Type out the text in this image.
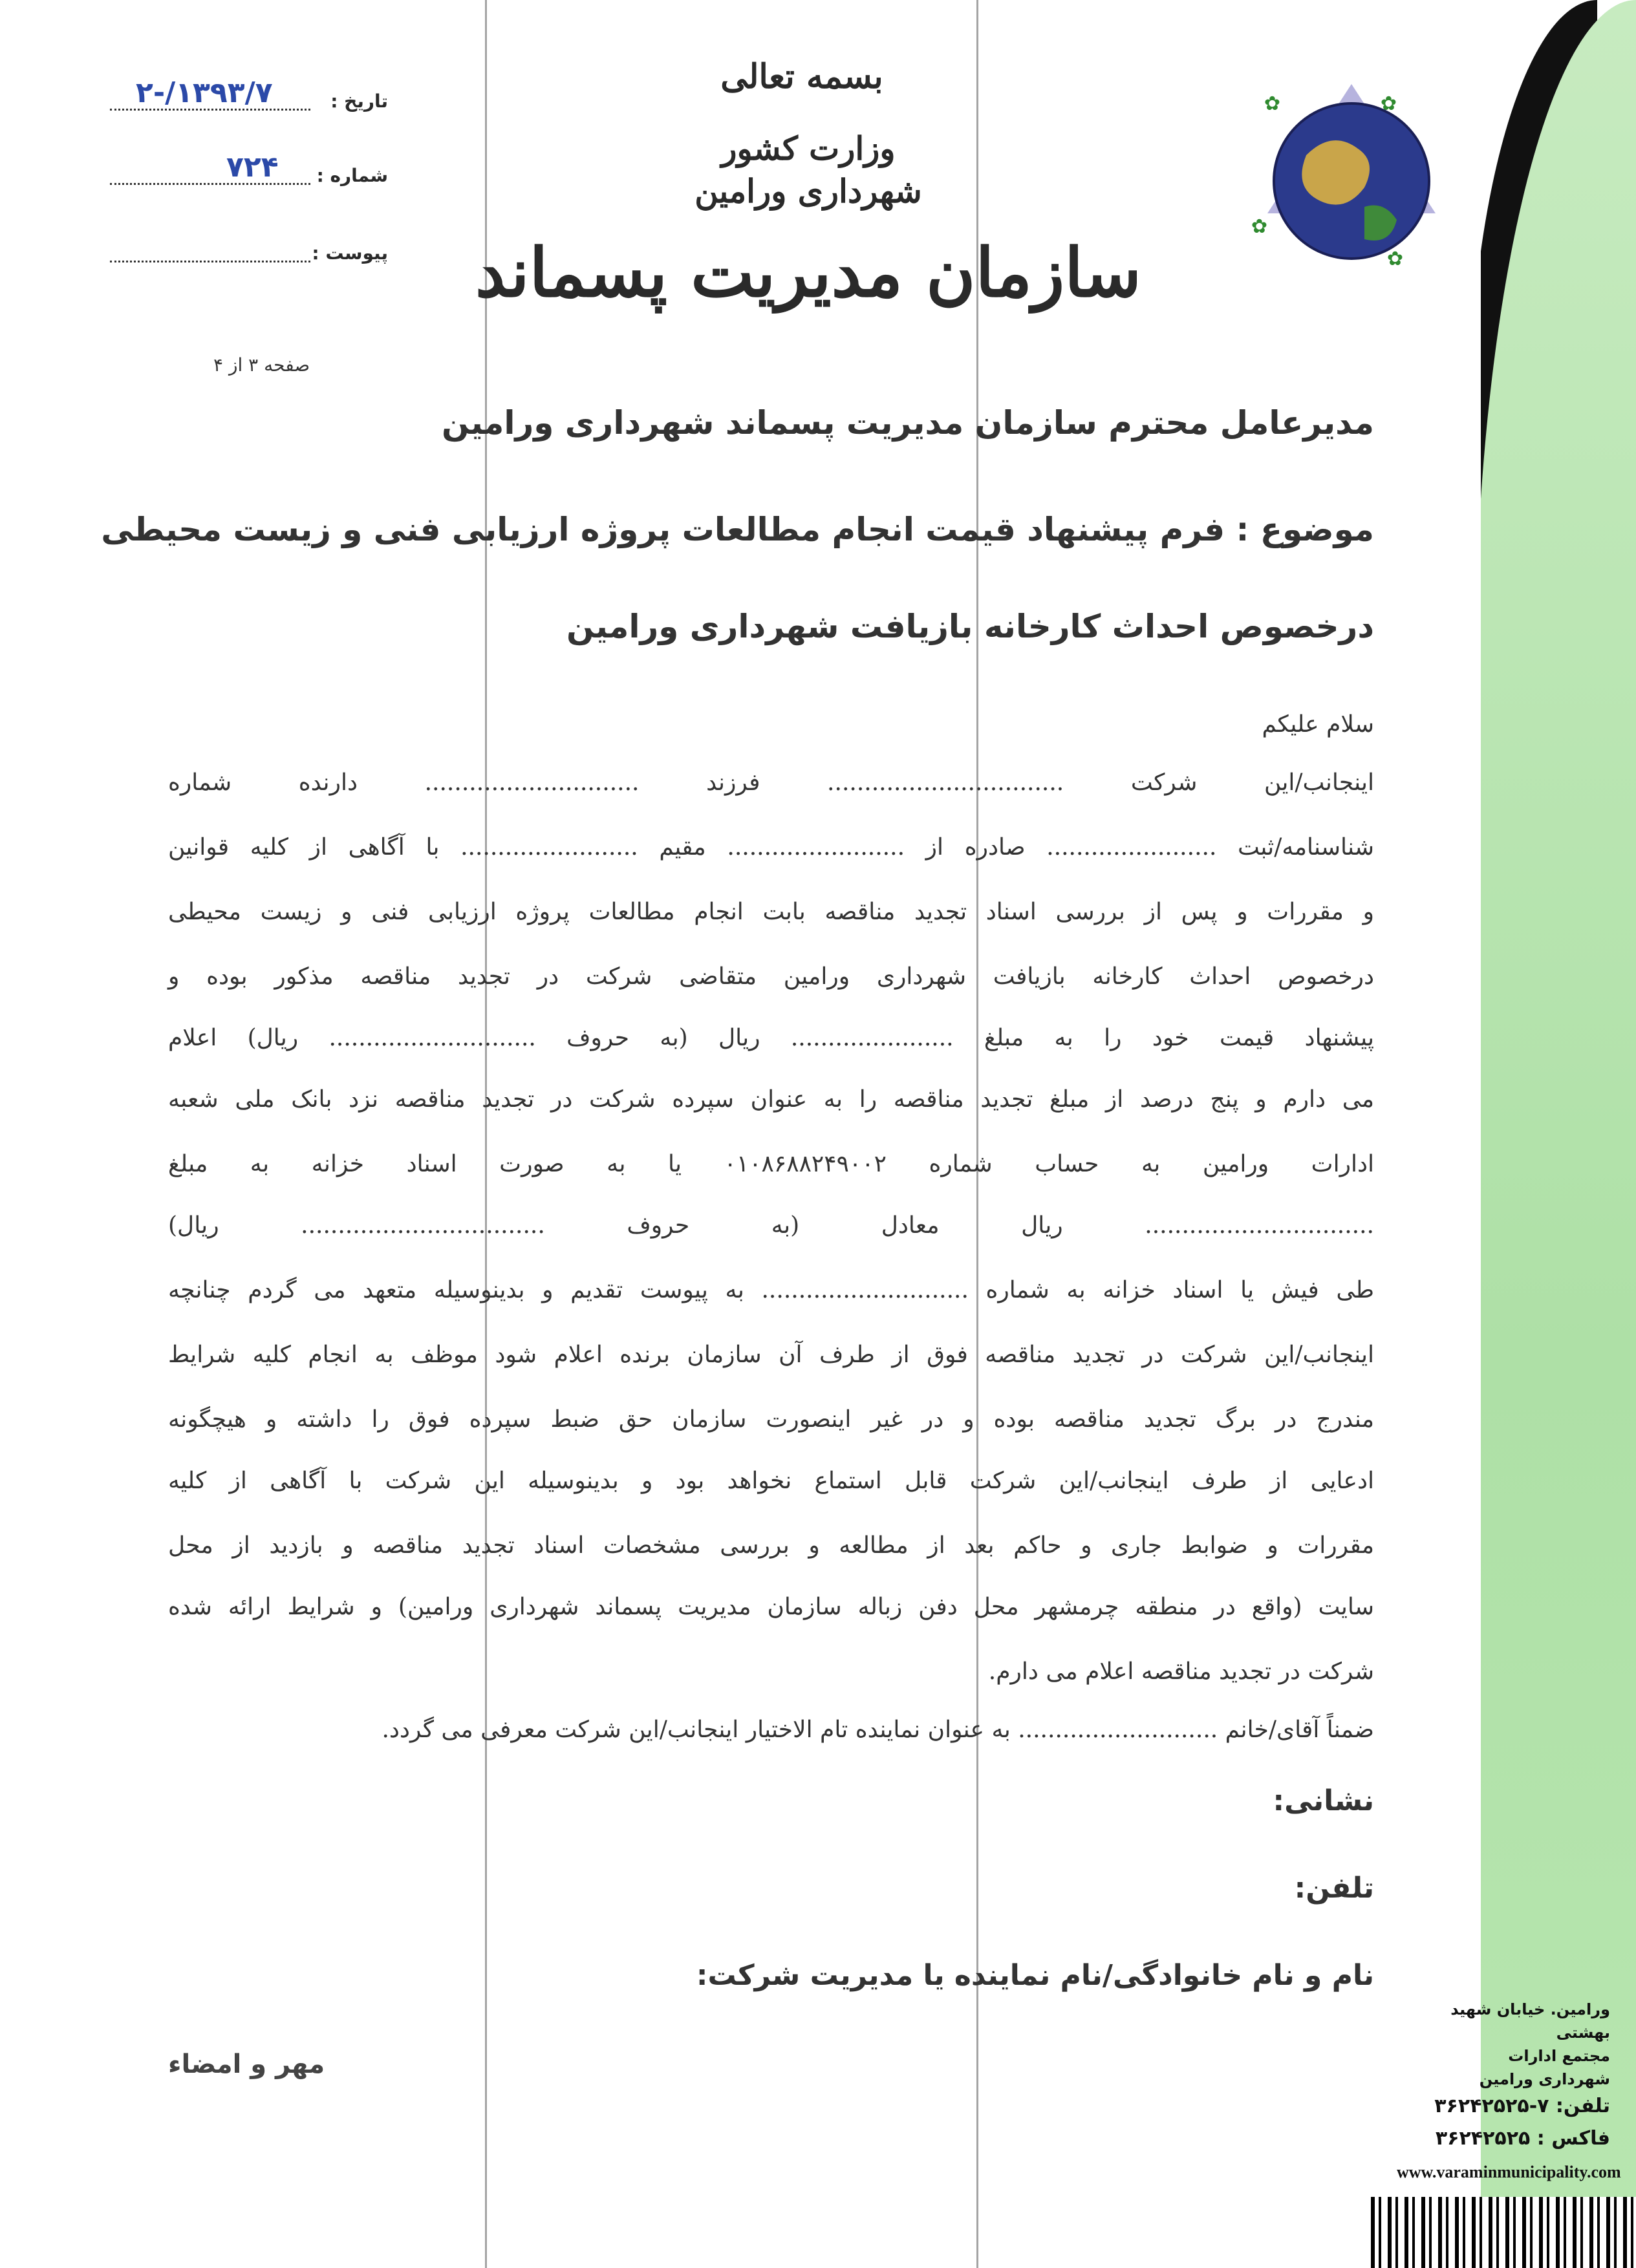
تاریخ :
۱۳۹۳/۷/-۲
شماره :
۷۲۴
پیوست :
صفحه ۳ از ۴
بسمه تعالی
وزارت کشور
شهرداری ورامین
سازمان مدیریت پسماند
✿	✿
✿
✿
مدیرعامل محترم سازمان مدیریت پسماند شهرداری ورامین
موضوع : فرم پیشنهاد قیمت انجام مطالعات پروژه ارزیابی فنی و زیست محیطی
درخصوص احداث کارخانه بازیافت شهرداری ورامین
سلام علیکم
اینجانب/این شرکت ................................ فرزند ............................. دارنده شماره
شناسنامه/ثبت ....................... صادره از ........................ مقیم ........................ با آگاهی از کلیه قوانین
و مقررات و پس از بررسی اسناد تجدید مناقصه بابت انجام مطالعات پروژه ارزیابی فنی و زیست محیطی
درخصوص احداث کارخانه بازیافت شهرداری ورامین متقاضی شرکت در تجدید مناقصه مذکور بوده و
پیشنهاد قیمت خود را به مبلغ ...................... ریال (به حروف ............................ ریال) اعلام
می دارم و پنج درصد از مبلغ تجدید مناقصه را به عنوان سپرده شرکت در تجدید مناقصه نزد بانک ملی شعبه
ادارات ورامین به حساب شماره ۰۱۰۸۶۸۸۲۴۹۰۰۲ یا به صورت اسناد خزانه به مبلغ
............................... ریال معادل (به حروف ................................. ریال)
طی فیش یا اسناد خزانه به شماره ............................ به پیوست تقدیم و بدینوسیله متعهد می گردم چنانچه
اینجانب/این شرکت در تجدید مناقصه فوق از طرف آن سازمان برنده اعلام شود موظف به انجام کلیه شرایط
مندرج در برگ تجدید مناقصه بوده و در غیر اینصورت سازمان حق ضبط سپرده فوق را داشته و هیچگونه
ادعایی از طرف اینجانب/این شرکت قابل استماع نخواهد بود و بدینوسیله این شرکت با آگاهی از کلیه
مقررات و ضوابط جاری و حاکم بعد از مطالعه و بررسی مشخصات اسناد تجدید مناقصه و بازدید از محل
سایت (واقع در منطقه چرمشهر محل دفن زباله سازمان مدیریت پسماند شهرداری ورامین) و شرایط ارائه شده
شرکت در تجدید مناقصه اعلام می دارم.
ضمناً آقای/خانم ........................... به عنوان نماینده تام الاختیار اینجانب/این شرکت معرفی می گردد.
نشانی:
تلفن:
نام و نام خانوادگی/نام نماینده یا مدیریت شرکت:
مهر و امضاء
ورامین. خیابان شهید بهشتی
مجتمع ادارات
شهرداری ورامین
تلفن: ۷-۳۶۲۴۲۵۲۵
فاکس : ۳۶۲۴۲۵۲۵
www.varaminmunicipality.com
